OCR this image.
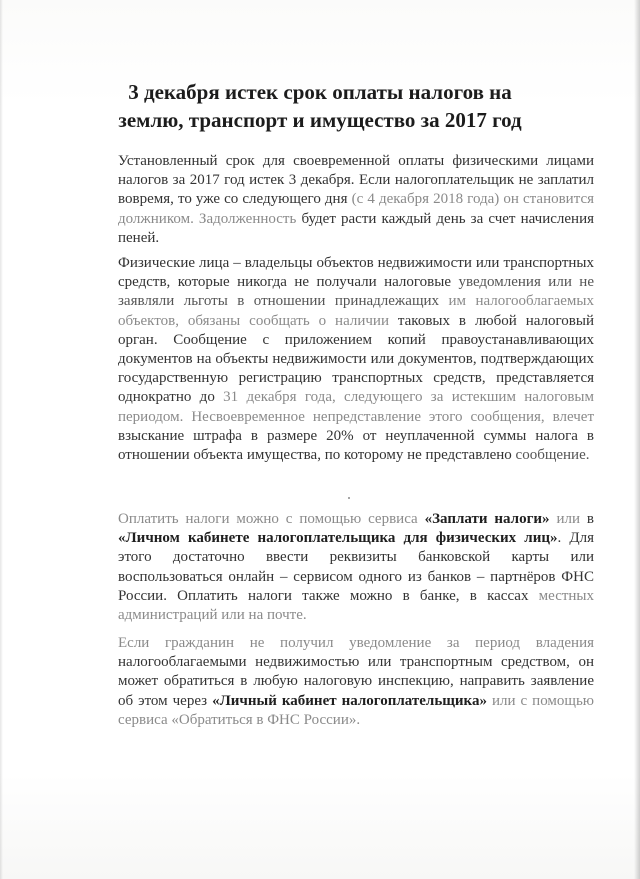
3 декабря истек срок оплаты налогов на
землю, транспорт и имущество за 2017 год

Установленный срок для своевременной оплаты физическими лицами налогов за 2017 год истек 3 декабря. Если налогоплательщик не заплатил вовремя, то уже со следующего дня (с 4 декабря 2018 года) он становится должником. Задолженность будет расти каждый день за счет начисления пеней.

Физические лица – владельцы объектов недвижимости или транспортных средств, которые никогда не получали налоговые уведомления или не заявляли льготы в отношении принадлежащих им налогооблагаемых объектов, обязаны сообщать о наличии таковых в любой налоговый орган. Сообщение с приложением копий правоустанавливающих документов на объекты недвижимости или документов, подтверждающих государственную регистрацию транспортных средств, представляется однократно до 31 декабря года, следующего за истекшим налоговым периодом. Несвоевременное непредставление этого сообщения, влечет взыскание штрафа в размере 20% от неуплаченной суммы налога в отношении объекта имущества, по которому не представлено сообщение.

Оплатить налоги можно с помощью сервиса «Заплати налоги» или в «Личном кабинете налогоплательщика для физических лиц». Для этого достаточно ввести реквизиты банковской карты или воспользоваться онлайн – сервисом одного из банков – партнёров ФНС России. Оплатить налоги также можно в банке, в кассах местных администраций или на почте.

Если гражданин не получил уведомление за период владения налогооблагаемыми недвижимостью или транспортным средством, он может обратиться в любую налоговую инспекцию, направить заявление об этом через «Личный кабинет налогоплательщика» или с помощью сервиса «Обратиться в ФНС России».
